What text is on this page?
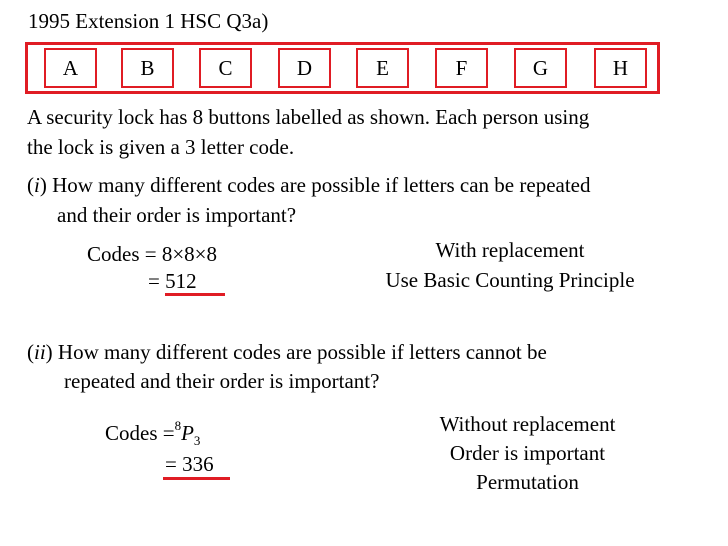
1995 Extension 1 HSC Q3a)
A	B	C	D	E	F	G	H
A security lock has 8 buttons labelled as shown. Each person using
the lock is given a 3 letter code.
(i) How many different codes are possible if letters can be repeated
and their order is important?
Codes = 8×8×8
= 512
With replacement
Use Basic Counting Principle
(ii) How many different codes are possible if letters cannot be
repeated and their order is important?
Codes $=^8P_3$
= 336
Without replacement
Order is important
Permutation
